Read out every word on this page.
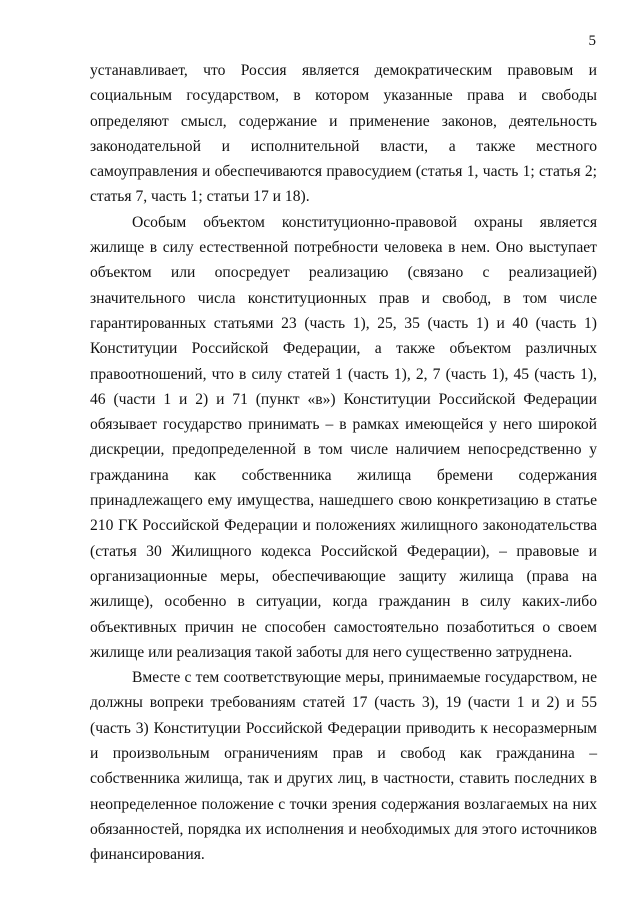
5

устанавливает, что Россия является демократическим правовым и социальным государством, в котором указанные права и свободы определяют смысл, содержание и применение законов, деятельность законодательной и исполнительной власти, а также местного самоуправления и обеспечиваются правосудием (статья 1, часть 1; статья 2; статья 7, часть 1; статьи 17 и 18).

Особым объектом конституционно-правовой охраны является жилище в силу естественной потребности человека в нем. Оно выступает объектом или опосредует реализацию (связано с реализацией) значительного числа конституционных прав и свобод, в том числе гарантированных статьями 23 (часть 1), 25, 35 (часть 1) и 40 (часть 1) Конституции Российской Федерации, а также объектом различных правоотношений, что в силу статей 1 (часть 1), 2, 7 (часть 1), 45 (часть 1), 46 (части 1 и 2) и 71 (пункт «в») Конституции Российской Федерации обязывает государство принимать – в рамках имеющейся у него широкой дискреции, предопределенной в том числе наличием непосредственно у гражданина как собственника жилища бремени содержания принадлежащего ему имущества, нашедшего свою конкретизацию в статье 210 ГК Российской Федерации и положениях жилищного законодательства (статья 30 Жилищного кодекса Российской Федерации), – правовые и организационные меры, обеспечивающие защиту жилища (права на жилище), особенно в ситуации, когда гражданин в силу каких-либо объективных причин не способен самостоятельно позаботиться о своем жилище или реализация такой заботы для него существенно затруднена.

Вместе с тем соответствующие меры, принимаемые государством, не должны вопреки требованиям статей 17 (часть 3), 19 (части 1 и 2) и 55 (часть 3) Конституции Российской Федерации приводить к несоразмерным и произвольным ограничениям прав и свобод как гражданина – собственника жилища, так и других лиц, в частности, ставить последних в неопределенное положение с точки зрения содержания возлагаемых на них обязанностей, порядка их исполнения и необходимых для этого источников финансирования.
